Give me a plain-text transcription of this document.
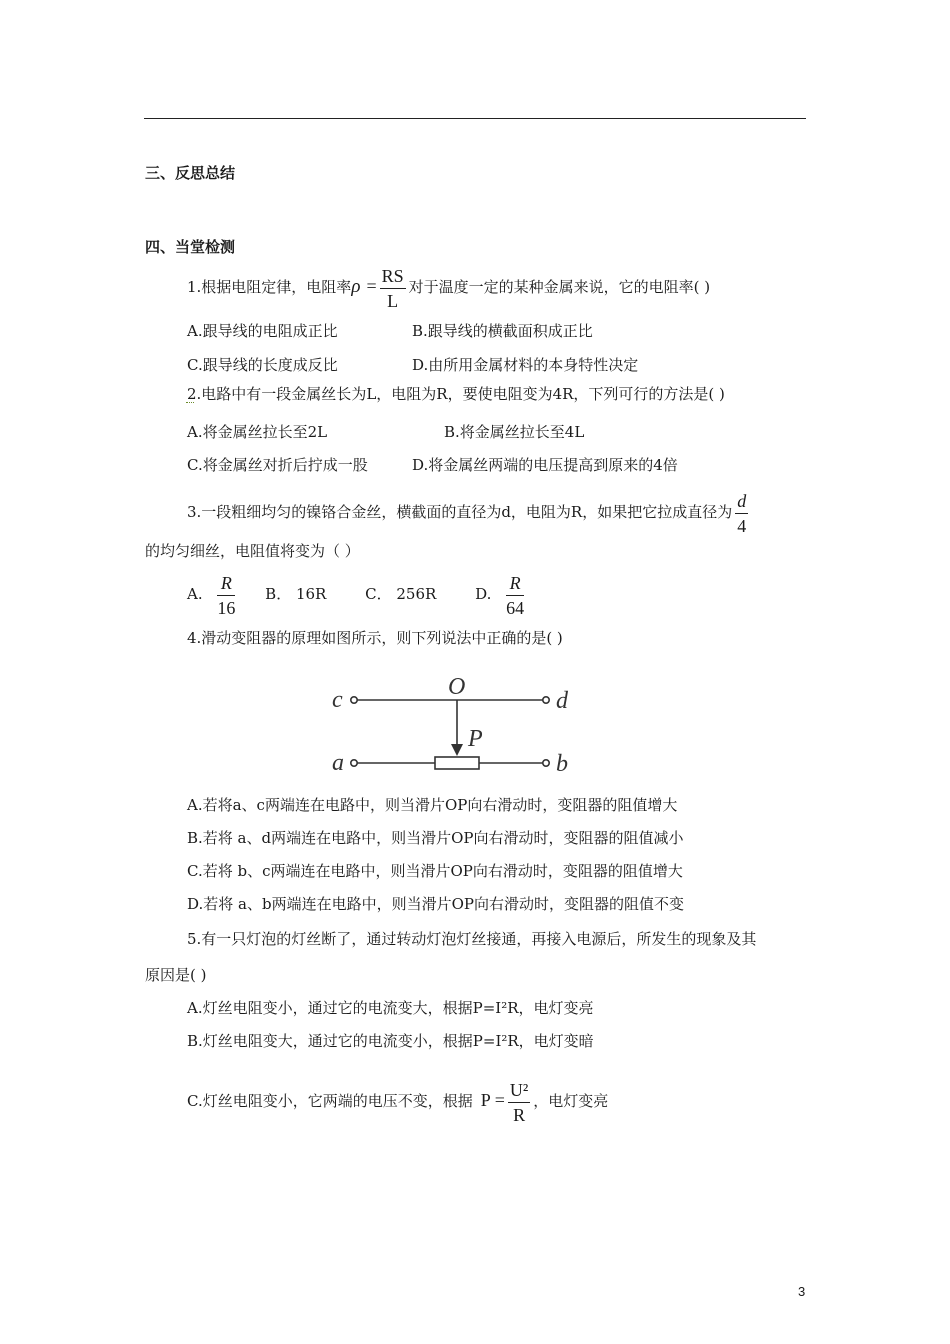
三、反思总结
四、当堂检测
1.根据电阻定律，电阻率$\rho = \frac{RS}{L}$ 对于温度一定的某种金属来说，它的电阻率( )
A.跟导线的电阻成正比	B.跟导线的横截面积成正比
C.跟导线的长度成反比	D.由所用金属材料的本身特性决定
2.电路中有一段金属丝长为L，电阻为R，要使电阻变为4R，下列可行的方法是( )
A.将金属丝拉长至2L	B.将金属丝拉长至4L
C.将金属丝对折后拧成一股	D.将金属丝两端的电压提高到原来的4倍
3.一段粗细均匀的镍铬合金丝，横截面的直径为d，电阻为R，如果把它拉成直径为 $\frac{d}{4}$
的均匀细丝，电阻值将变为（ ）
A. $\frac{R}{16}$ B． 16R	C． 256R	D. $\frac{R}{64}$
4.滑动变阻器的原理如图所示，则下列说法中正确的是( )
c	d
O
P
a	b
A.若将a、c两端连在电路中，则当滑片OP向右滑动时，变阻器的阻值增大
B.若将 a、d两端连在电路中，则当滑片OP向右滑动时，变阻器的阻值减小
C.若将 b、c两端连在电路中，则当滑片OP向右滑动时，变阻器的阻值增大
D.若将 a、b两端连在电路中，则当滑片OP向右滑动时，变阻器的阻值不变
5.有一只灯泡的灯丝断了，通过转动灯泡灯丝接通，再接入电源后，所发生的现象及其
原因是( )
A.灯丝电阻变小，通过它的电流变大，根据P=I²R，电灯变亮
B.灯丝电阻变大，通过它的电流变小，根据P=I²R，电灯变暗
C.灯丝电阻变小，它两端的电压不变，根据 $P = \frac{\text{U²}}{R}$ ，电灯变亮
3
